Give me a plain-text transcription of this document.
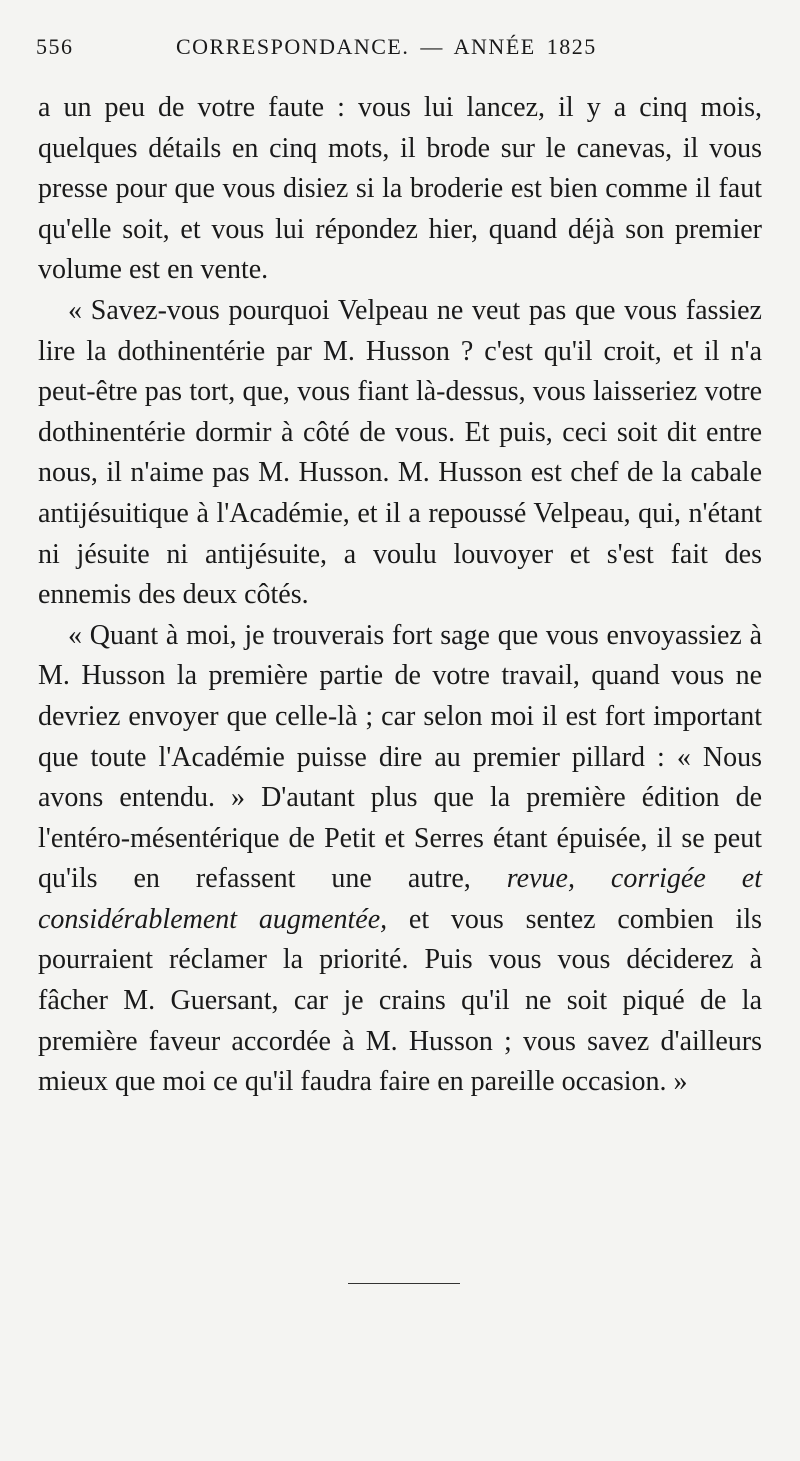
556	CORRESPONDANCE. — ANNÉE 1825

a un peu de votre faute : vous lui lancez, il y a cinq mois, quelques détails en cinq mots, il brode sur le canevas, il vous presse pour que vous disiez si la broderie est bien comme il faut qu'elle soit, et vous lui répondez hier, quand déjà son premier volume est en vente.

« Savez-vous pourquoi Velpeau ne veut pas que vous fassiez lire la dothinentérie par M. Husson ? c'est qu'il croit, et il n'a peut-être pas tort, que, vous fiant là-dessus, vous laisseriez votre dothinentérie dormir à côté de vous. Et puis, ceci soit dit entre nous, il n'aime pas M. Husson. M. Husson est chef de la cabale antijésuitique à l'Académie, et il a repoussé Velpeau, qui, n'étant ni jésuite ni antijésuite, a voulu louvoyer et s'est fait des ennemis des deux côtés.

« Quant à moi, je trouverais fort sage que vous envoyassiez à M. Husson la première partie de votre travail, quand vous ne devriez envoyer que celle-là ; car selon moi il est fort important que toute l'Académie puisse dire au premier pillard : « Nous avons entendu. » D'autant plus que la première édition de l'entéro-mésentérique de Petit et Serres étant épuisée, il se peut qu'ils en refassent une autre, revue, corrigée et considérablement augmentée, et vous sentez combien ils pourraient réclamer la priorité. Puis vous vous déciderez à fâcher M. Guersant, car je crains qu'il ne soit piqué de la première faveur accordée à M. Husson ; vous savez d'ailleurs mieux que moi ce qu'il faudra faire en pareille occasion. »
